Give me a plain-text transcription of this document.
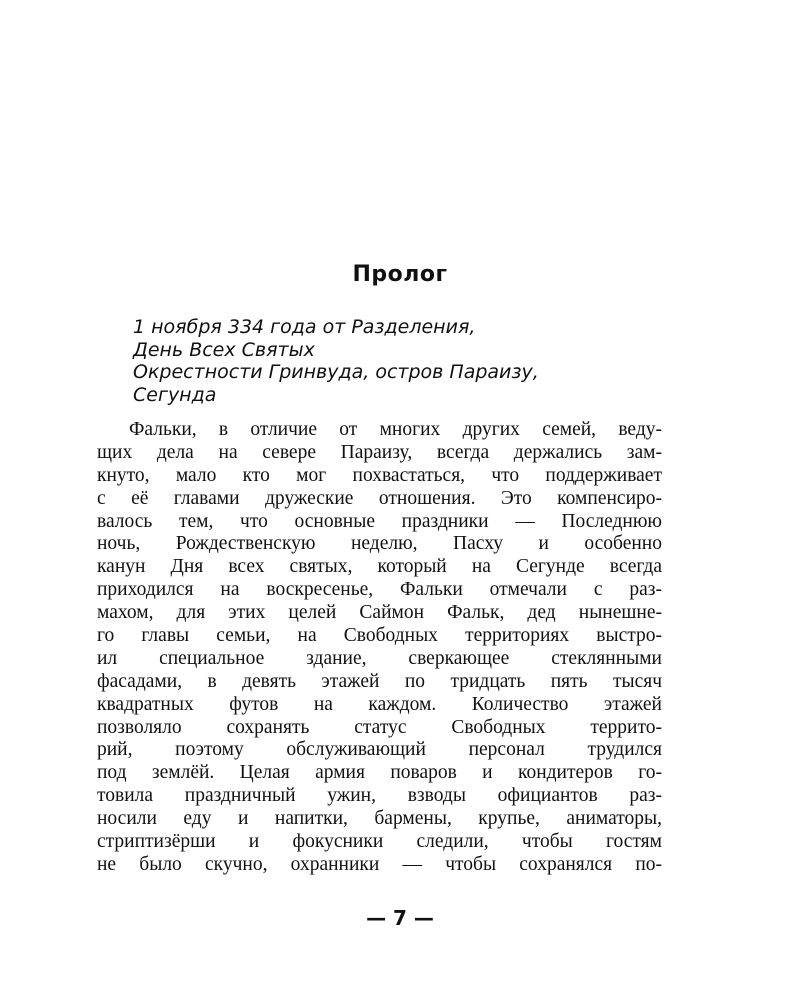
Пролог
1 ноября 334 года от Разделения,
День Всех Святых
Окрестности Гринвуда, остров Параизу,
Сегунда
Фальки, в отличие от многих других семей, веду-
щих дела на севере Параизу, всегда держались зам-
кнуто, мало кто мог похвастаться, что поддерживает
с её главами дружеские отношения. Это компенсиро-
валось тем, что основные праздники — Последнюю
ночь, Рождественскую неделю, Пасху и особенно
канун Дня всех святых, который на Сегунде всегда
приходился на воскресенье, Фальки отмечали с раз-
махом, для этих целей Саймон Фальк, дед нынешне-
го главы семьи, на Свободных территориях выстро-
ил специальное здание, сверкающее стеклянными
фасадами, в девять этажей по тридцать пять тысяч
квадратных футов на каждом. Количество этажей
позволяло сохранять статус Свободных террито-
рий, поэтому обслуживающий персонал трудился
под землёй. Целая армия поваров и кондитеров го-
товила праздничный ужин, взводы официантов раз-
носили еду и напитки, бармены, крупье, аниматоры,
стриптизёрши и фокусники следили, чтобы гостям
не было скучно, охранники — чтобы сохранялся по-
— 7 —
